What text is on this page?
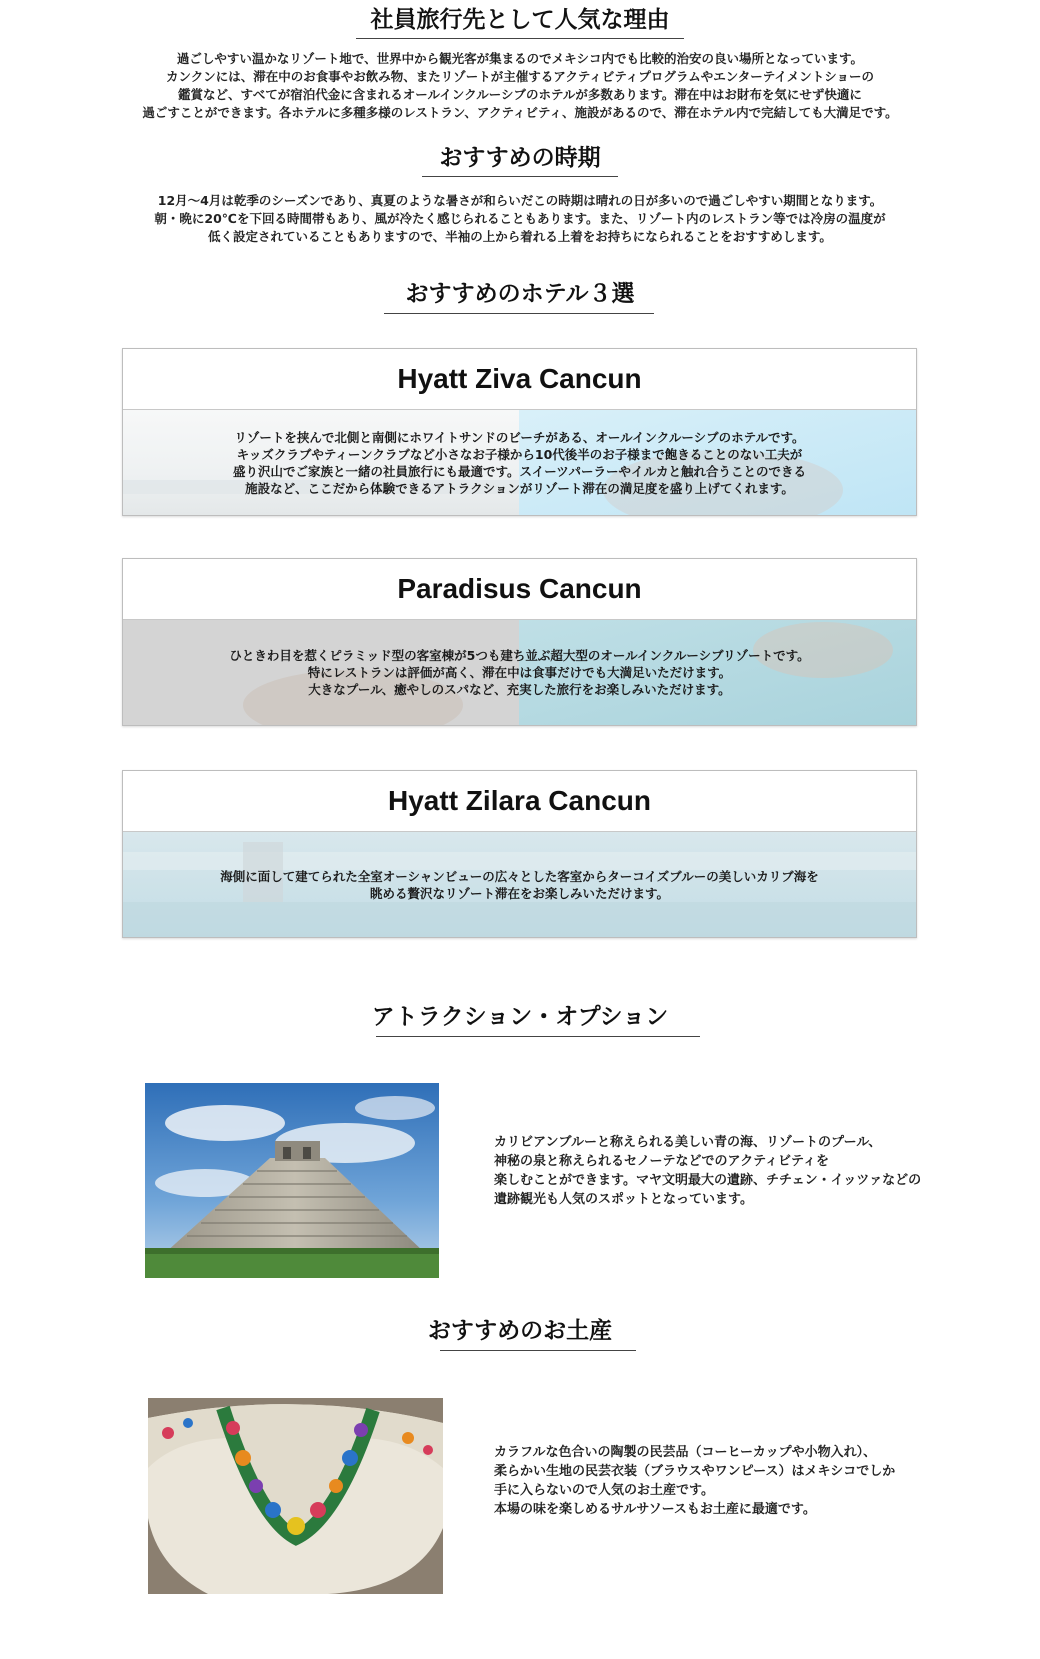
社員旅行先として人気な理由
過ごしやすい温かなリゾート地で、世界中から観光客が集まるのでメキシコ内でも比較的治安の良い場所となっています。
カンクンには、滞在中のお食事やお飲み物、またリゾートが主催するアクティビティプログラムやエンターテイメントショーの
鑑賞など、すべてが宿泊代金に含まれるオールインクルーシブのホテルが多数あります。滞在中はお財布を気にせず快適に
過ごすことができます。各ホテルに多種多様のレストラン、アクティビティ、施設があるので、滞在ホテル内で完結しても大満足です。
おすすめの時期
12月〜4月は乾季のシーズンであり、真夏のような暑さが和らいだこの時期は晴れの日が多いので過ごしやすい期間となります。
朝・晩に20℃を下回る時間帯もあり、風が冷たく感じられることもあります。また、リゾート内のレストラン等では冷房の温度が
低く設定されていることもありますので、半袖の上から着れる上着をお持ちになられることをおすすめします。
おすすめのホテル３選
Hyatt Ziva Cancun
リゾートを挟んで北側と南側にホワイトサンドのビーチがある、オールインクルーシブのホテルです。
キッズクラブやティーンクラブなど小さなお子様から10代後半のお子様まで飽きることのない工夫が
盛り沢山でご家族と一緒の社員旅行にも最適です。スイーツパーラーやイルカと触れ合うことのできる
施設など、ここだから体験できるアトラクションがリゾート滞在の満足度を盛り上げてくれます。
Paradisus Cancun
ひときわ目を惹くピラミッド型の客室棟が5つも建ち並ぶ超大型のオールインクルーシブリゾートです。
特にレストランは評価が高く、滞在中は食事だけでも大満足いただけます。
大きなプール、癒やしのスパなど、充実した旅行をお楽しみいただけます。
Hyatt Zilara Cancun
海側に面して建てられた全室オーシャンビューの広々とした客室からターコイズブルーの美しいカリブ海を
眺める贅沢なリゾート滞在をお楽しみいただけます。
アトラクション・オプション
カリビアンブルーと称えられる美しい青の海、リゾートのプール、
神秘の泉と称えられるセノーテなどでのアクティビティを
楽しむことができます。マヤ文明最大の遺跡、チチェン・イッツァなどの
遺跡観光も人気のスポットとなっています。
おすすめのお土産
カラフルな色合いの陶製の民芸品（コーヒーカップや小物入れ）、
柔らかい生地の民芸衣装（ブラウスやワンピース）はメキシコでしか
手に入らないので人気のお土産です。
本場の味を楽しめるサルサソースもお土産に最適です。
